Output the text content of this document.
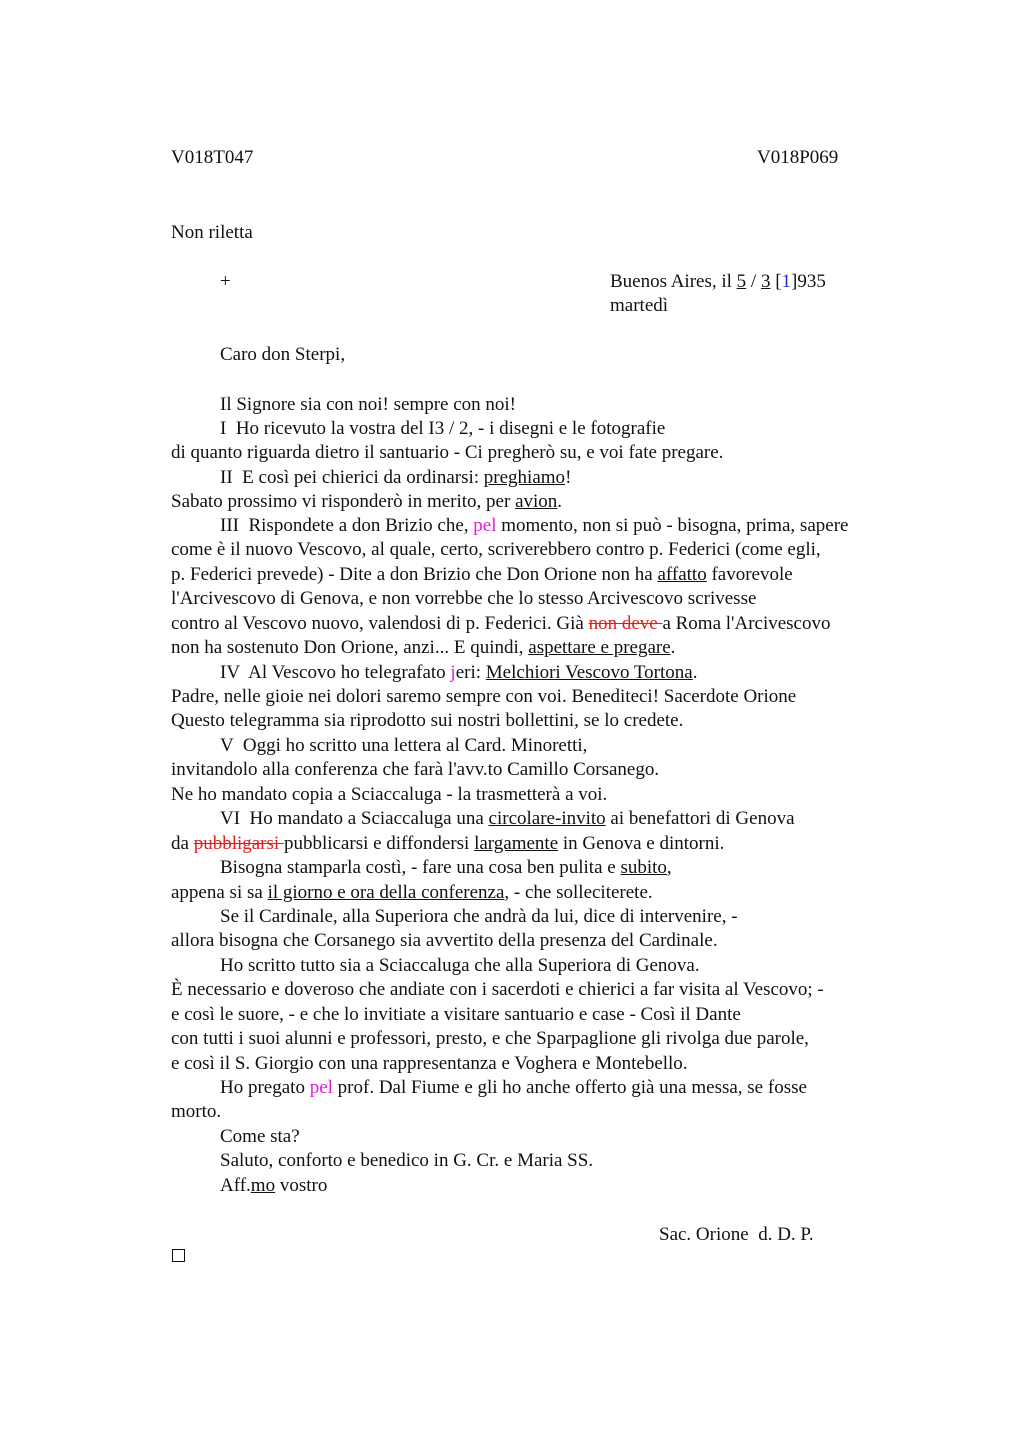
V018T047	V018P069
Non riletta
+	Buenos Aires, il 5 / 3 [1]935
martedì
Caro don Sterpi,
Il Signore sia con noi! sempre con noi!
I  Ho ricevuto la vostra del I3 / 2, - i disegni e le fotografie
di quanto riguarda dietro il santuario - Ci pregherò su, e voi fate pregare.
II  E così pei chierici da ordinarsi: preghiamo!
Sabato prossimo vi risponderò in merito, per avion.
III  Rispondete a don Brizio che, pel momento, non si può - bisogna, prima, sapere
come è il nuovo Vescovo, al quale, certo, scriverebbero contro p. Federici (come egli,
p. Federici prevede) - Dite a don Brizio che Don Orione non ha affatto favorevole
l'Arcivescovo di Genova, e non vorrebbe che lo stesso Arcivescovo scrivesse
contro al Vescovo nuovo, valendosi di p. Federici. Già non deve a Roma l'Arcivescovo
non ha sostenuto Don Orione, anzi... E quindi, aspettare e pregare.
IV  Al Vescovo ho telegrafato jeri: Melchiori Vescovo Tortona.
Padre, nelle gioie nei dolori saremo sempre con voi. Benediteci! Sacerdote Orione
Questo telegramma sia riprodotto sui nostri bollettini, se lo credete.
V  Oggi ho scritto una lettera al Card. Minoretti,
invitandolo alla conferenza che farà l'avv.to Camillo Corsanego.
Ne ho mandato copia a Sciaccaluga - la trasmetterà a voi.
VI  Ho mandato a Sciaccaluga una circolare-invito ai benefattori di Genova
da pubbligarsi pubblicarsi e diffondersi largamente in Genova e dintorni.
Bisogna stamparla costì, - fare una cosa ben pulita e subito,
appena si sa il giorno e ora della conferenza, - che solleciterete.
Se il Cardinale, alla Superiora che andrà da lui, dice di intervenire, -
allora bisogna che Corsanego sia avvertito della presenza del Cardinale.
Ho scritto tutto sia a Sciaccaluga che alla Superiora di Genova.
È necessario e doveroso che andiate con i sacerdoti e chierici a far visita al Vescovo; -
e così le suore, - e che lo invitiate a visitare santuario e case - Così il Dante
con tutti i suoi alunni e professori, presto, e che Sparpaglione gli rivolga due parole,
e così il S. Giorgio con una rappresentanza e Voghera e Montebello.
Ho pregato pel prof. Dal Fiume e gli ho anche offerto già una messa, se fosse
morto.
Come sta?
Saluto, conforto e benedico in G. Cr. e Maria SS.
Aff.mo vostro
Sac. Orione  d. D. P.
